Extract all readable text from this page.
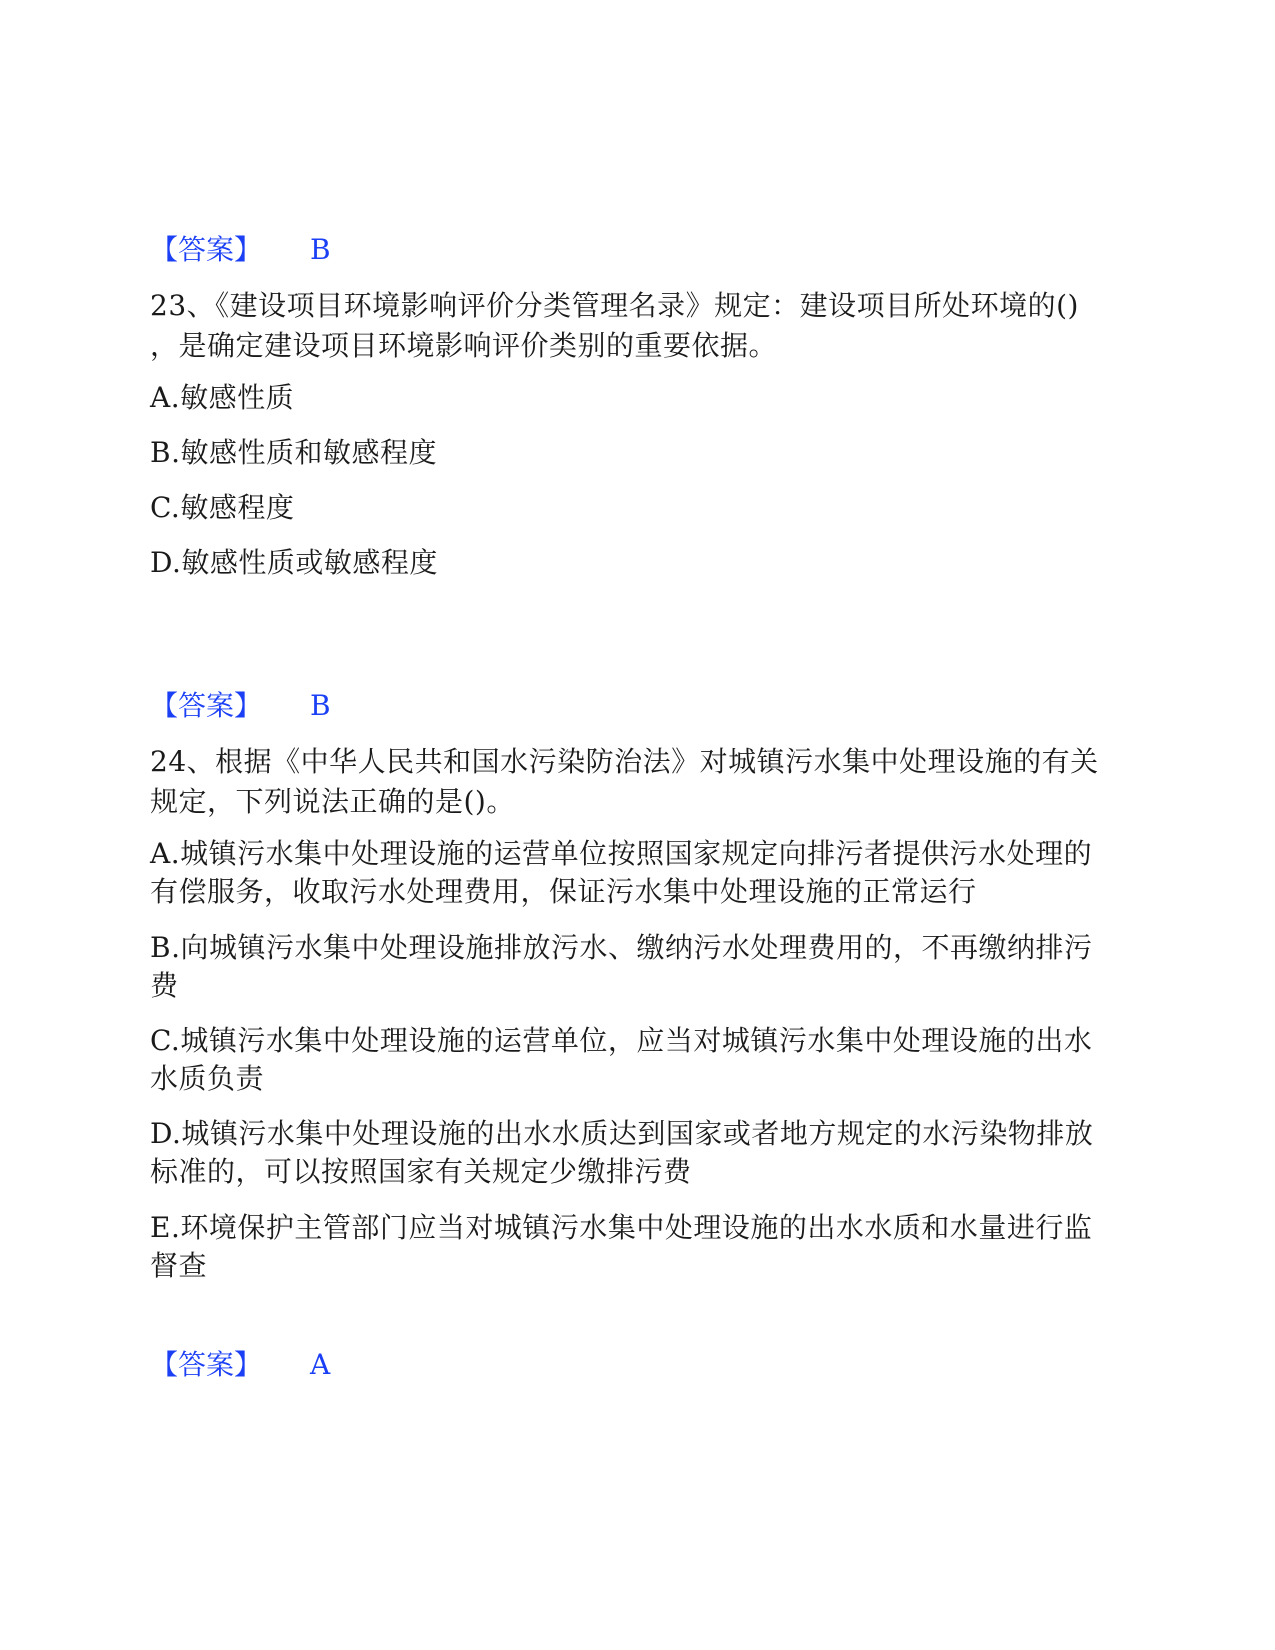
【答案】 B
23、《建设项目环境影响评价分类管理名录》规定：建设项目所处环境的()
，是确定建设项目环境影响评价类别的重要依据。
A.敏感性质
B.敏感性质和敏感程度
C.敏感程度
D.敏感性质或敏感程度
【答案】 B
24、根据《中华人民共和国水污染防治法》对城镇污水集中处理设施的有关
规定，下列说法正确的是()。
A.城镇污水集中处理设施的运营单位按照国家规定向排污者提供污水处理的
有偿服务，收取污水处理费用，保证污水集中处理设施的正常运行
B.向城镇污水集中处理设施排放污水、缴纳污水处理费用的，不再缴纳排污
费
C.城镇污水集中处理设施的运营单位，应当对城镇污水集中处理设施的出水
水质负责
D.城镇污水集中处理设施的出水水质达到国家或者地方规定的水污染物排放
标准的，可以按照国家有关规定少缴排污费
E.环境保护主管部门应当对城镇污水集中处理设施的出水水质和水量进行监
督查
【答案】 A
